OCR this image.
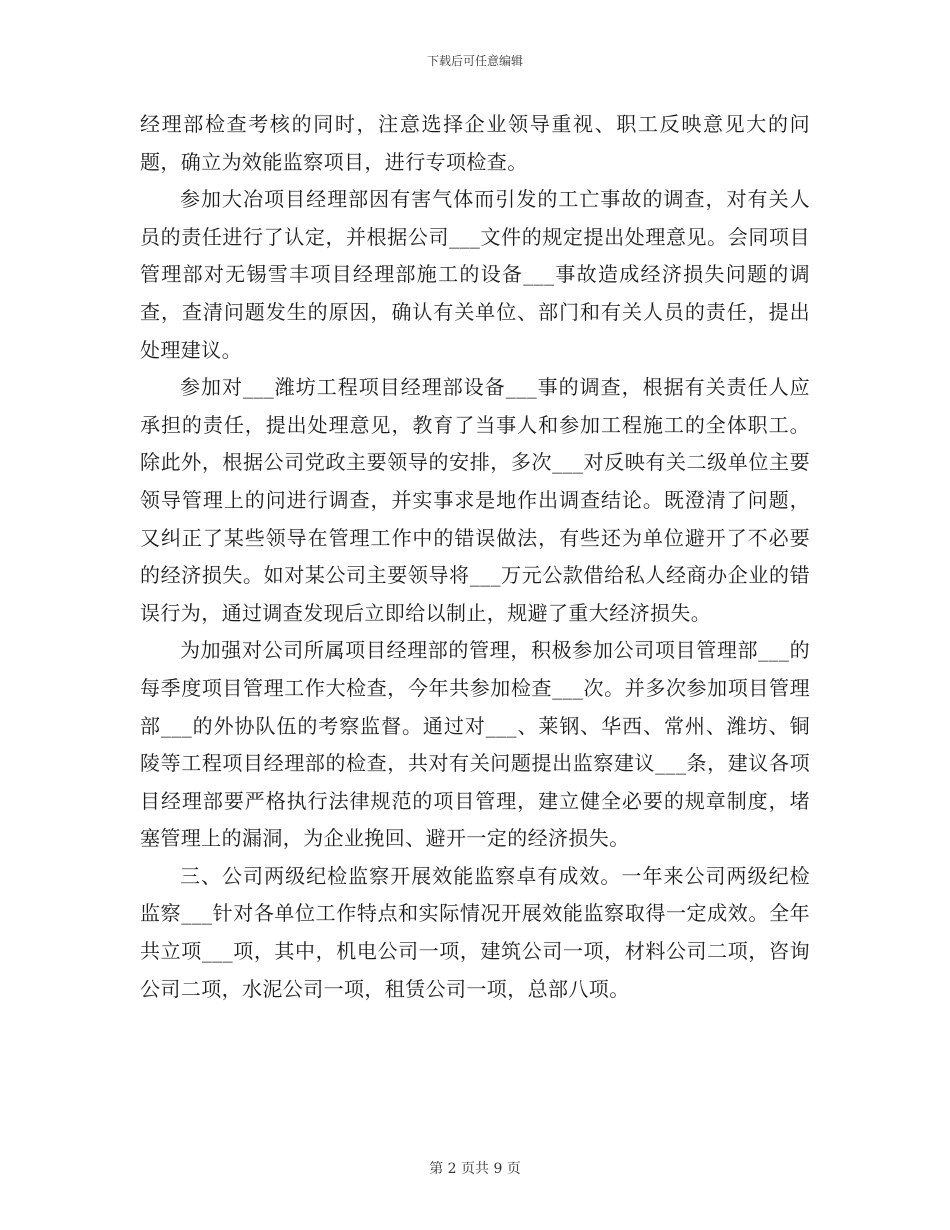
下载后可任意编辑

经理部检查考核的同时，注意选择企业领导重视、职工反映意见大的问题，确立为效能监察项目，进行专项检查。

参加大冶项目经理部因有害气体而引发的工亡事故的调查，对有关人员的责任进行了认定，并根据公司___文件的规定提出处理意见。会同项目管理部对无锡雪丰项目经理部施工的设备___事故造成经济损失问题的调查，查清问题发生的原因，确认有关单位、部门和有关人员的责任，提出处理建议。

参加对___潍坊工程项目经理部设备___事的调查，根据有关责任人应承担的责任，提出处理意见，教育了当事人和参加工程施工的全体职工。除此外，根据公司党政主要领导的安排，多次___对反映有关二级单位主要领导管理上的问进行调查，并实事求是地作出调查结论。既澄清了问题，又纠正了某些领导在管理工作中的错误做法，有些还为单位避开了不必要的经济损失。如对某公司主要领导将___万元公款借给私人经商办企业的错误行为，通过调查发现后立即给以制止，规避了重大经济损失。

为加强对公司所属项目经理部的管理，积极参加公司项目管理部___的每季度项目管理工作大检查，今年共参加检查___次。并多次参加项目管理部___的外协队伍的考察监督。通过对___、莱钢、华西、常州、潍坊、铜陵等工程项目经理部的检查，共对有关问题提出监察建议___条，建议各项目经理部要严格执行法律规范的项目管理，建立健全必要的规章制度，堵塞管理上的漏洞，为企业挽回、避开一定的经济损失。

三、公司两级纪检监察开展效能监察卓有成效。一年来公司两级纪检监察___针对各单位工作特点和实际情况开展效能监察取得一定成效。全年共立项___项，其中，机电公司一项，建筑公司一项，材料公司二项，咨询公司二项，水泥公司一项，租赁公司一项，总部八项。

第 2 页共 9 页
